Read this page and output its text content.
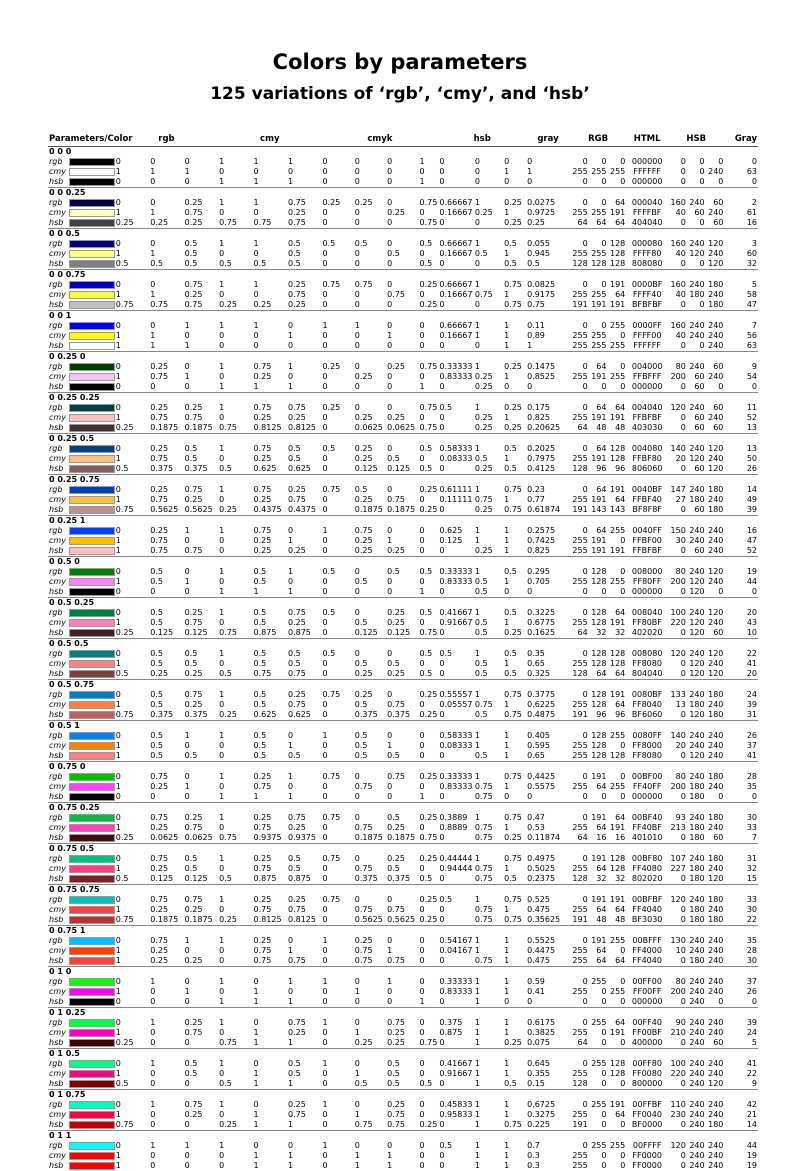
Colors by parameters
125 variations of ‘rgb’, ‘cmy’, and ‘hsb’
Parameters/Color		rgb			cmy			cmyk				hsb			gray	RGB			HTML	HSB			Gray
0 0 0																							
rgb		0	0	0	1	1	1	0	0	0	1	0	0	0	0	0	0	0	000000	0	0	0	0
cmy		1	1	1	0	0	0	0	0	0	0	0	0	1	1	255	255	255	FFFFFF	0	0	240	63
hsb		0	0	0	1	1	1	0	0	0	1	0	0	0	0	0	0	0	000000	0	0	0	0
0 0 0.25																							
rgb		0	0	0.25	1	1	0.75	0.25	0.25	0	0.75	0.66667	1	0.25	0.0275	0	0	64	000040	160	240	60	2
cmy		1	1	0.75	0	0	0.25	0	0	0.25	0	0.16667	0.25	1	0.9725	255	255	191	FFFFBF	40	60	240	61
hsb		0.25	0.25	0.25	0.75	0.75	0.75	0	0	0	0.75	0	0	0.25	0.25	64	64	64	404040	0	0	60	16
0 0 0.5																							
rgb		0	0	0.5	1	1	0.5	0.5	0.5	0	0.5	0.66667	1	0.5	0.055	0	0	128	000080	160	240	120	3
cmy		1	1	0.5	0	0	0.5	0	0	0.5	0	0.16667	0.5	1	0.945	255	255	128	FFFF80	40	120	240	60
hsb		0.5	0.5	0.5	0.5	0.5	0.5	0	0	0	0.5	0	0	0.5	0.5	128	128	128	808080	0	0	120	32
0 0 0.75																							
rgb		0	0	0.75	1	1	0.25	0.75	0.75	0	0.25	0.66667	1	0.75	0.0825	0	0	191	0000BF	160	240	180	5
cmy		1	1	0.25	0	0	0.75	0	0	0.75	0	0.16667	0.75	1	0.9175	255	255	64	FFFF40	40	180	240	58
hsb		0.75	0.75	0.75	0.25	0.25	0.25	0	0	0	0.25	0	0	0.75	0.75	191	191	191	BFBFBF	0	0	180	47
0 0 1																							
rgb		0	0	1	1	1	0	1	1	0	0	0.66667	1	1	0.11	0	0	255	0000FF	160	240	240	7
cmy		1	1	0	0	0	1	0	0	1	0	0.16667	1	1	0.89	255	255	0	FFFF00	40	240	240	56
hsb		1	1	1	0	0	0	0	0	0	0	0	0	1	1	255	255	255	FFFFFF	0	0	240	63
0 0.25 0																							
rgb		0	0.25	0	1	0.75	1	0.25	0	0.25	0.75	0.33333	1	0.25	0.1475	0	64	0	004000	80	240	60	9
cmy		1	0.75	1	0	0.25	0	0	0.25	0	0	0.83333	0.25	1	0.8525	255	191	255	FFBFFF	200	60	240	54
hsb		0	0	0	1	1	1	0	0	0	1	0	0.25	0	0	0	0	0	000000	0	60	0	0
0 0.25 0.25																							
rgb		0	0.25	0.25	1	0.75	0.75	0.25	0	0	0.75	0.5	1	0.25	0.175	0	64	64	004040	120	240	60	11
cmy		1	0.75	0.75	0	0.25	0.25	0	0.25	0.25	0	0	0.25	1	0.825	255	191	191	FFBFBF	0	60	240	52
hsb		0.25	0.1875	0.1875	0.75	0.8125	0.8125	0	0.0625	0.0625	0.75	0	0.25	0.25	0.20625	64	48	48	403030	0	60	60	13
0 0.25 0.5																							
rgb		0	0.25	0.5	1	0.75	0.5	0.5	0.25	0	0.5	0.58333	1	0.5	0.2025	0	64	128	004080	140	240	120	13
cmy		1	0.75	0.5	0	0.25	0.5	0	0.25	0.5	0	0.08333	0.5	1	0.7975	255	191	128	FFBF80	20	120	240	50
hsb		0.5	0.375	0.375	0.5	0.625	0.625	0	0.125	0.125	0.5	0	0.25	0.5	0.4125	128	96	96	806060	0	60	120	26
0 0.25 0.75																							
rgb		0	0.25	0.75	1	0.75	0.25	0.75	0.5	0	0.25	0.61111	1	0.75	0.23	0	64	191	0040BF	147	240	180	14
cmy		1	0.75	0.25	0	0.25	0.75	0	0.25	0.75	0	0.11111	0.75	1	0.77	255	191	64	FFBF40	27	180	240	49
hsb		0.75	0.5625	0.5625	0.25	0.4375	0.4375	0	0.1875	0.1875	0.25	0	0.25	0.75	0.61874	191	143	143	BF8F8F	0	60	180	39
0 0.25 1																							
rgb		0	0.25	1	1	0.75	0	1	0.75	0	0	0.625	1	1	0.2575	0	64	255	0040FF	150	240	240	16
cmy		1	0.75	0	0	0.25	1	0	0.25	1	0	0.125	1	1	0.7425	255	191	0	FFBF00	30	240	240	47
hsb		1	0.75	0.75	0	0.25	0.25	0	0.25	0.25	0	0	0.25	1	0.825	255	191	191	FFBFBF	0	60	240	52
0 0.5 0																							
rgb		0	0.5	0	1	0.5	1	0.5	0	0.5	0.5	0.33333	1	0.5	0.295	0	128	0	008000	80	240	120	19
cmy		1	0.5	1	0	0.5	0	0	0.5	0	0	0.83333	0.5	1	0.705	255	128	255	FF80FF	200	120	240	44
hsb		0	0	0	1	1	1	0	0	0	1	0	0.5	0	0	0	0	0	000000	0	120	0	0
0 0.5 0.25																							
rgb		0	0.5	0.25	1	0.5	0.75	0.5	0	0.25	0.5	0.41667	1	0.5	0.3225	0	128	64	008040	100	240	120	20
cmy		1	0.5	0.75	0	0.5	0.25	0	0.5	0.25	0	0.91667	0.5	1	0.6775	255	128	191	FF80BF	220	120	240	43
hsb		0.25	0.125	0.125	0.75	0.875	0.875	0	0.125	0.125	0.75	0	0.5	0.25	0.1625	64	32	32	402020	0	120	60	10
0 0.5 0.5																							
rgb		0	0.5	0.5	1	0.5	0.5	0.5	0	0	0.5	0.5	1	0.5	0.35	0	128	128	008080	120	240	120	22
cmy		1	0.5	0.5	0	0.5	0.5	0	0.5	0.5	0	0	0.5	1	0.65	255	128	128	FF8080	0	120	240	41
hsb		0.5	0.25	0.25	0.5	0.75	0.75	0	0.25	0.25	0.5	0	0.5	0.5	0.325	128	64	64	804040	0	120	120	20
0 0.5 0.75																							
rgb		0	0.5	0.75	1	0.5	0.25	0.75	0.25	0	0.25	0.55557	1	0.75	0.3775	0	128	191	0080BF	133	240	180	24
cmy		1	0.5	0.25	0	0.5	0.75	0	0.5	0.75	0	0.05557	0.75	1	0.6225	255	128	64	FF8040	13	180	240	39
hsb		0.75	0.375	0.375	0.25	0.625	0.625	0	0.375	0.375	0.25	0	0.5	0.75	0.4875	191	96	96	BF6060	0	120	180	31
0 0.5 1																							
rgb		0	0.5	1	1	0.5	0	1	0.5	0	0	0.58333	1	1	0.405	0	128	255	0080FF	140	240	240	26
cmy		1	0.5	0	0	0.5	1	0	0.5	1	0	0.08333	1	1	0.595	255	128	0	FF8000	20	240	240	37
hsb		1	0.5	0.5	0	0.5	0.5	0	0.5	0.5	0	0	0.5	1	0.65	255	128	128	FF8080	0	120	240	41
0 0.75 0																							
rgb		0	0.75	0	1	0.25	1	0.75	0	0.75	0.25	0.33333	1	0.75	0.4425	0	191	0	00BF00	80	240	180	28
cmy		1	0.25	1	0	0.75	0	0	0.75	0	0	0.83333	0.75	1	0.5575	255	64	255	FF40FF	200	180	240	35
hsb		0	0	0	1	1	1	0	0	0	1	0	0.75	0	0	0	0	0	000000	0	180	0	0
0 0.75 0.25																							
rgb		0	0.75	0.25	1	0.25	0.75	0.75	0	0.5	0.25	0.3889	1	0.75	0.47	0	191	64	00BF40	93	240	180	30
cmy		1	0.25	0.75	0	0.75	0.25	0	0.75	0.25	0	0.8889	0.75	1	0.53	255	64	191	FF40BF	213	180	240	33
hsb		0.25	0.0625	0.0625	0.75	0.9375	0.9375	0	0.1875	0.1875	0.75	0	0.75	0.25	0.11874	64	16	16	401010	0	180	60	7
0 0.75 0.5																							
rgb		0	0.75	0.5	1	0.25	0.5	0.75	0	0.25	0.25	0.44444	1	0.75	0.4975	0	191	128	00BF80	107	240	180	31
cmy		1	0.25	0.5	0	0.75	0.5	0	0.75	0.5	0	0.94444	0.75	1	0.5025	255	64	128	FF4080	227	180	240	32
hsb		0.5	0.125	0.125	0.5	0.875	0.875	0	0.375	0.375	0.5	0	0.75	0.5	0.2375	128	32	32	802020	0	180	120	15
0 0.75 0.75																							
rgb		0	0.75	0.75	1	0.25	0.25	0.75	0	0	0.25	0.5	1	0.75	0.525	0	191	191	00BFBF	120	240	180	33
cmy		1	0.25	0.25	0	0.75	0.75	0	0.75	0.75	0	0	0.75	1	0.475	255	64	64	FF4040	0	180	240	30
hsb		0.75	0.1875	0.1875	0.25	0.8125	0.8125	0	0.5625	0.5625	0.25	0	0.75	0.75	0.35625	191	48	48	BF3030	0	180	180	22
0 0.75 1																							
rgb		0	0.75	1	1	0.25	0	1	0.25	0	0	0.54167	1	1	0.5525	0	191	255	00BFFF	130	240	240	35
cmy		1	0.25	0	0	0.75	1	0	0.75	1	0	0.04167	1	1	0.4475	255	64	0	FF4000	10	240	240	28
hsb		1	0.25	0.25	0	0.75	0.75	0	0.75	0.75	0	0	0.75	1	0.475	255	64	64	FF4040	0	180	240	30
0 1 0																							
rgb		0	1	0	1	0	1	1	0	1	0	0.33333	1	1	0.59	0	255	0	00FF00	80	240	240	37
cmy		1	0	1	0	1	0	0	1	0	0	0.83333	1	1	0.41	255	0	255	FF00FF	200	240	240	26
hsb		0	0	0	1	1	1	0	0	0	1	0	1	0	0	0	0	0	000000	0	240	0	0
0 1 0.25																							
rgb		0	1	0.25	1	0	0.75	1	0	0.75	0	0.375	1	1	0.6175	0	255	64	00FF40	90	240	240	39
cmy		1	0	0.75	0	1	0.25	0	1	0.25	0	0.875	1	1	0.3825	255	0	191	FF00BF	210	240	240	24
hsb		0.25	0	0	0.75	1	1	0	0.25	0.25	0.75	0	1	0.25	0.075	64	0	0	400000	0	240	60	5
0 1 0.5																							
rgb		0	1	0.5	1	0	0.5	1	0	0.5	0	0.41667	1	1	0.645	0	255	128	00FF80	100	240	240	41
cmy		1	0	0.5	0	1	0.5	0	1	0.5	0	0.91667	1	1	0.355	255	0	128	FF0080	220	240	240	22
hsb		0.5	0	0	0.5	1	1	0	0.5	0.5	0.5	0	1	0.5	0.15	128	0	0	800000	0	240	120	9
0 1 0.75																							
rgb		0	1	0.75	1	0	0.25	1	0	0.25	0	0.45833	1	1	0.6725	0	255	191	00FFBF	110	240	240	42
cmy		1	0	0.25	0	1	0.75	0	1	0.75	0	0.95833	1	1	0.3275	255	0	64	FF0040	230	240	240	21
hsb		0.75	0	0	0.25	1	1	0	0.75	0.75	0.25	0	1	0.75	0.225	191	0	0	BF0000	0	240	180	14
0 1 1																							
rgb		0	1	1	1	0	0	1	0	0	0	0.5	1	1	0.7	0	255	255	00FFFF	120	240	240	44
cmy		1	0	0	0	1	1	0	1	1	0	0	1	1	0.3	255	0	0	FF0000	0	240	240	19
hsb		1	0	0	0	1	1	0	1	1	0	0	1	1	0.3	255	0	0	FF0000	0	240	240	19
